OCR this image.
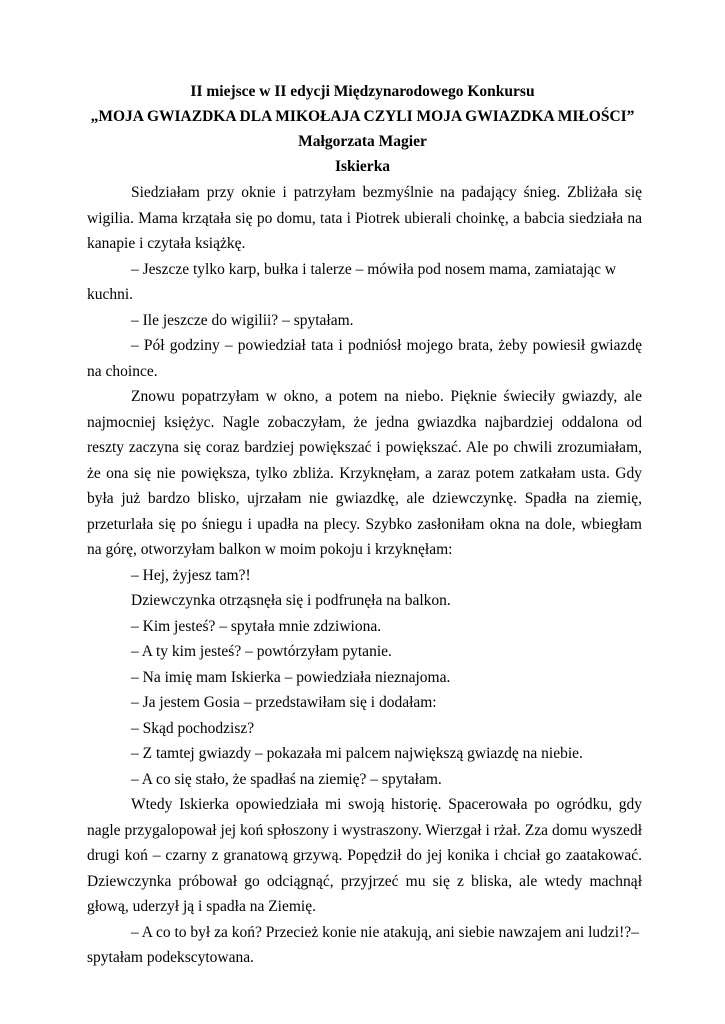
II miejsce w II edycji Międzynarodowego Konkursu
„MOJA GWIAZDKA DLA MIKOŁAJA CZYLI MOJA GWIAZDKA MIŁOŚCI”
Małgorzata Magier
Iskierka

Siedziałam przy oknie i patrzyłam bezmyślnie na padający śnieg. Zbliżała się wigilia. Mama krzątała się po domu, tata i Piotrek ubierali choinkę, a babcia siedziała na kanapie i czytała książkę.

– Jeszcze tylko karp, bułka i talerze – mówiła pod nosem mama, zamiatając w kuchni.

– Ile jeszcze do wigilii? – spytałam.

– Pół godziny – powiedział tata i podniósł mojego brata, żeby powiesił gwiazdę na choince.

Znowu popatrzyłam w okno, a potem na niebo. Pięknie świeciły gwiazdy, ale najmocniej księżyc. Nagle zobaczyłam, że jedna gwiazdka najbardziej oddalona od reszty zaczyna się coraz bardziej powiększać i powiększać. Ale po chwili zrozumiałam, że ona się nie powiększa, tylko zbliża. Krzyknęłam, a zaraz potem zatkałam usta. Gdy była już bardzo blisko, ujrzałam nie gwiazdkę, ale dziewczynkę. Spadła na ziemię, przeturlała się po śniegu i upadła na plecy. Szybko zasłoniłam okna na dole, wbiegłam na górę, otworzyłam balkon w moim pokoju i krzyknęłam:

– Hej, żyjesz tam?!

Dziewczynka otrząsnęła się i podfrunęła na balkon.

– Kim jesteś? – spytała mnie zdziwiona.

– A ty kim jesteś? – powtórzyłam pytanie.

– Na imię mam Iskierka – powiedziała nieznajoma.

– Ja jestem Gosia – przedstawiłam się i dodałam:

– Skąd pochodzisz?

– Z tamtej gwiazdy – pokazała mi palcem największą gwiazdę na niebie.

– A co się stało, że spadłaś na ziemię? – spytałam.

Wtedy Iskierka opowiedziała mi swoją historię. Spacerowała po ogródku, gdy nagle przygalopował jej koń spłoszony i wystraszony. Wierzgał i rżał. Zza domu wyszedł drugi koń – czarny z granatową grzywą. Popędził do jej konika i chciał go zaatakować. Dziewczynka próbował go odciągnąć, przyjrzeć mu się z bliska, ale wtedy machnął głową, uderzył ją i spadła na Ziemię.

– A co to był za koń? Przecież konie nie atakują, ani siebie nawzajem ani ludzi!?– spytałam podekscytowana.
